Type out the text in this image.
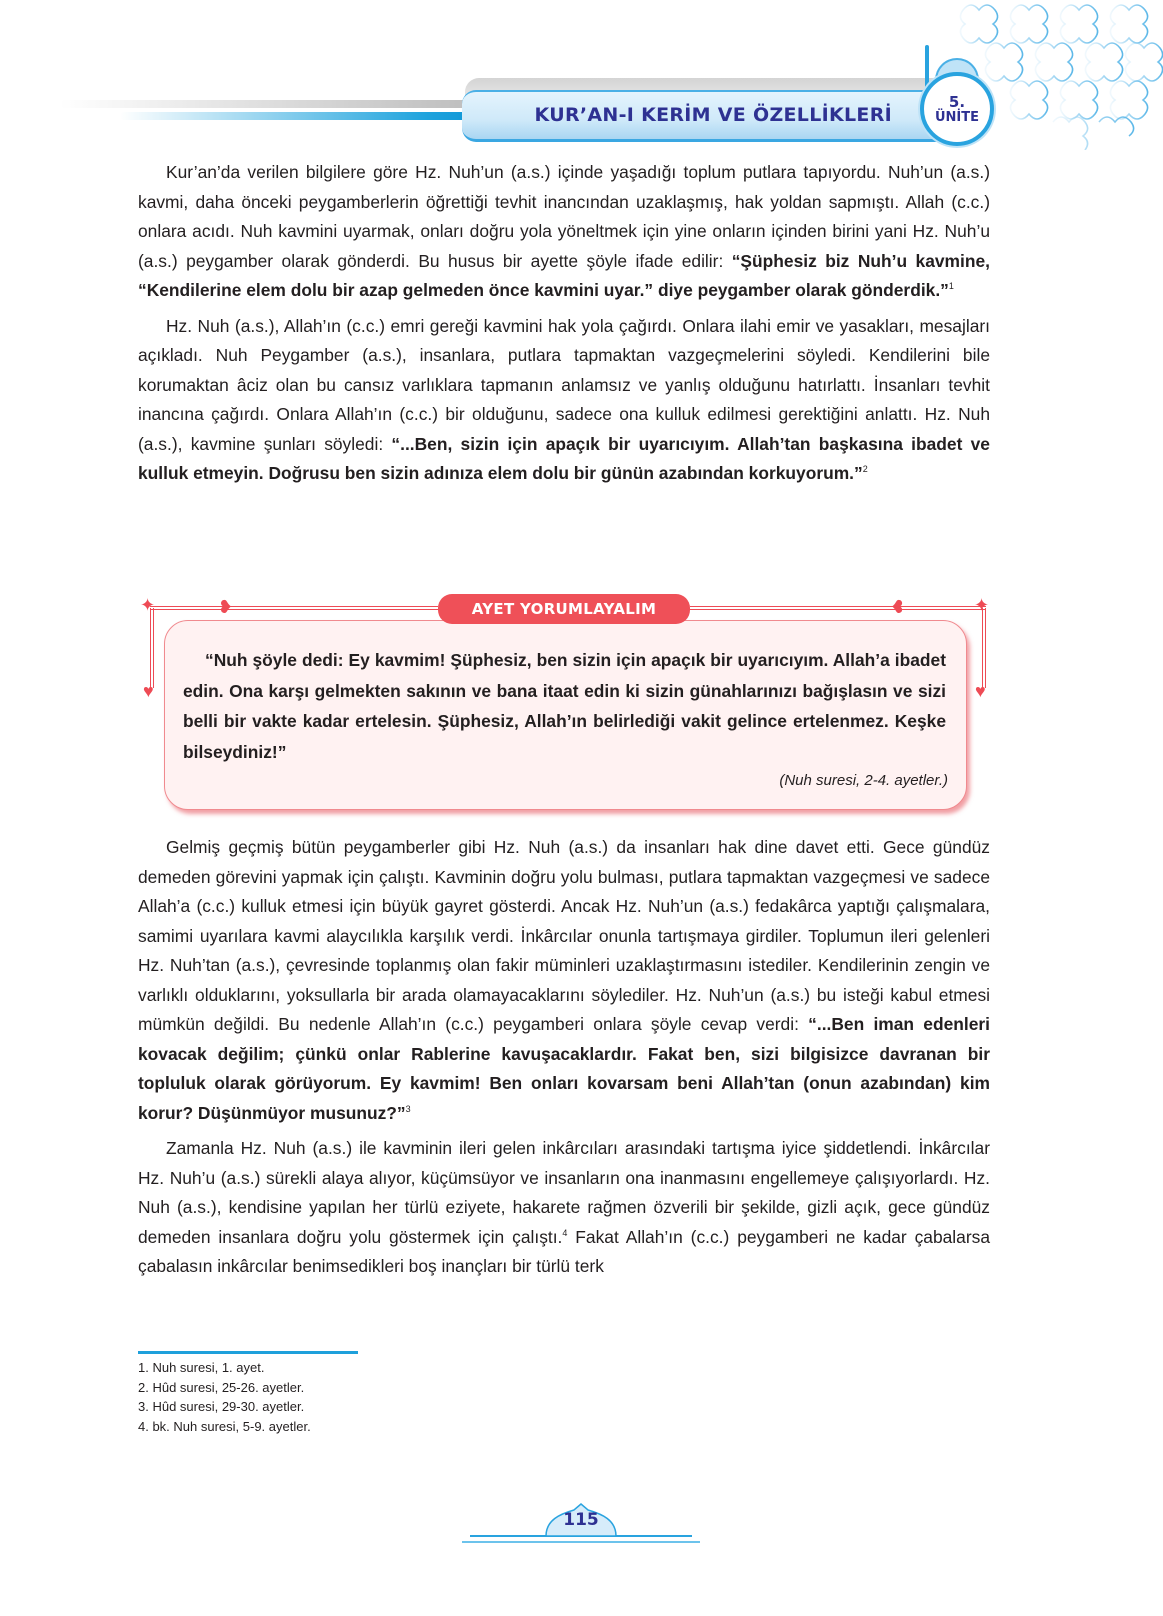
KUR’AN-I KERİM VE ÖZELLİKLERİ
5.
ÜNİTE

Kur’an’da verilen bilgilere göre Hz. Nuh’un (a.s.) içinde yaşadığı toplum putlara tapıyordu. Nuh’un (a.s.) kavmi, daha önceki peygamberlerin öğrettiği tevhit inancından uzaklaşmış, hak yoldan sapmıştı. Allah (c.c.) onlara acıdı. Nuh kavmini uyarmak, onları doğru yola yöneltmek için yine onların içinden birini yani Hz. Nuh’u (a.s.) peygamber olarak gönderdi. Bu husus bir ayette şöyle ifade edilir: “Şüphesiz biz Nuh’u kavmine, “Kendilerine elem dolu bir azap gelmeden önce kavmini uyar.” diye peygamber olarak gönderdik.”$^1$

Hz. Nuh (a.s.), Allah’ın (c.c.) emri gereği kavmini hak yola çağırdı. Onlara ilahi emir ve yasakları, mesajları açıkladı. Nuh Peygamber (a.s.), insanlara, putlara tapmaktan vazgeçmelerini söyledi. Kendilerini bile korumaktan âciz olan bu cansız varlıklara tapmanın anlamsız ve yanlış olduğunu hatırlattı. İnsanları tevhit inancına çağırdı. Onlara Allah’ın (c.c.) bir olduğunu, sadece ona kulluk edilmesi gerektiğini anlattı. Hz. Nuh (a.s.), kavmine şunları söyledi: “...Ben, sizin için apaçık bir uyarıcıyım. Allah’tan başkasına ibadet ve kulluk etmeyin. Doğrusu ben sizin adınıza elem dolu bir günün azabından korkuyorum.”$^2$

✦	✦
❥	❥
♥	♥

“Nuh şöyle dedi: Ey kavmim! Şüphesiz, ben sizin için apaçık bir uyarıcıyım. Allah’a ibadet edin. Ona karşı gelmekten sakının ve bana itaat edin ki sizin günahlarınızı bağışlasın ve sizi belli bir vakte kadar ertelesin. Şüphesiz, Allah’ın belirlediği vakit gelince ertelenmez. Keşke bilseydiniz!”

(Nuh suresi, 2-4. ayetler.)
AYET YORUMLAYALIM

Gelmiş geçmiş bütün peygamberler gibi Hz. Nuh (a.s.) da insanları hak dine davet etti. Gece gündüz demeden görevini yapmak için çalıştı. Kavminin doğru yolu bulması, putlara tapmaktan vazgeçmesi ve sadece Allah’a (c.c.) kulluk etmesi için büyük gayret gösterdi. Ancak Hz. Nuh’un (a.s.) fedakârca yaptığı çalışmalara, samimi uyarılara kavmi alaycılıkla karşılık verdi. İnkârcılar onunla tartışmaya girdiler. Toplumun ileri gelenleri Hz. Nuh’tan (a.s.), çevresinde toplanmış olan fakir müminleri uzaklaştırmasını istediler. Kendilerinin zengin ve varlıklı olduklarını, yoksullarla bir arada olamayacaklarını söylediler. Hz. Nuh’un (a.s.) bu isteği kabul etmesi mümkün değildi. Bu nedenle Allah’ın (c.c.) peygamberi onlara şöyle cevap verdi: “...Ben iman edenleri kovacak değilim; çünkü onlar Rablerine kavuşacaklardır. Fakat ben, sizi bilgisizce davranan bir topluluk olarak görüyorum. Ey kavmim! Ben onları kovarsam beni Allah’tan (onun azabından) kim korur? Düşünmüyor musunuz?”$^3$

Zamanla Hz. Nuh (a.s.) ile kavminin ileri gelen inkârcıları arasındaki tartışma iyice şiddetlendi. İnkârcılar Hz. Nuh’u (a.s.) sürekli alaya alıyor, küçümsüyor ve insanların ona inanmasını engellemeye çalışıyorlardı. Hz. Nuh (a.s.), kendisine yapılan her türlü eziyete, hakarete rağmen özverili bir şekilde, gizli açık, gece gündüz demeden insanlara doğru yolu göstermek için çalıştı.$^4$ Fakat Allah’ın (c.c.) peygamberi ne kadar çabalarsa çabalasın inkârcılar benimsedikleri boş inançları bir türlü terk

1. Nuh suresi, 1. ayet.
2. Hûd suresi, 25-26. ayetler.
3. Hûd suresi, 29-30. ayetler.
4. bk. Nuh suresi, 5-9. ayetler.
115
